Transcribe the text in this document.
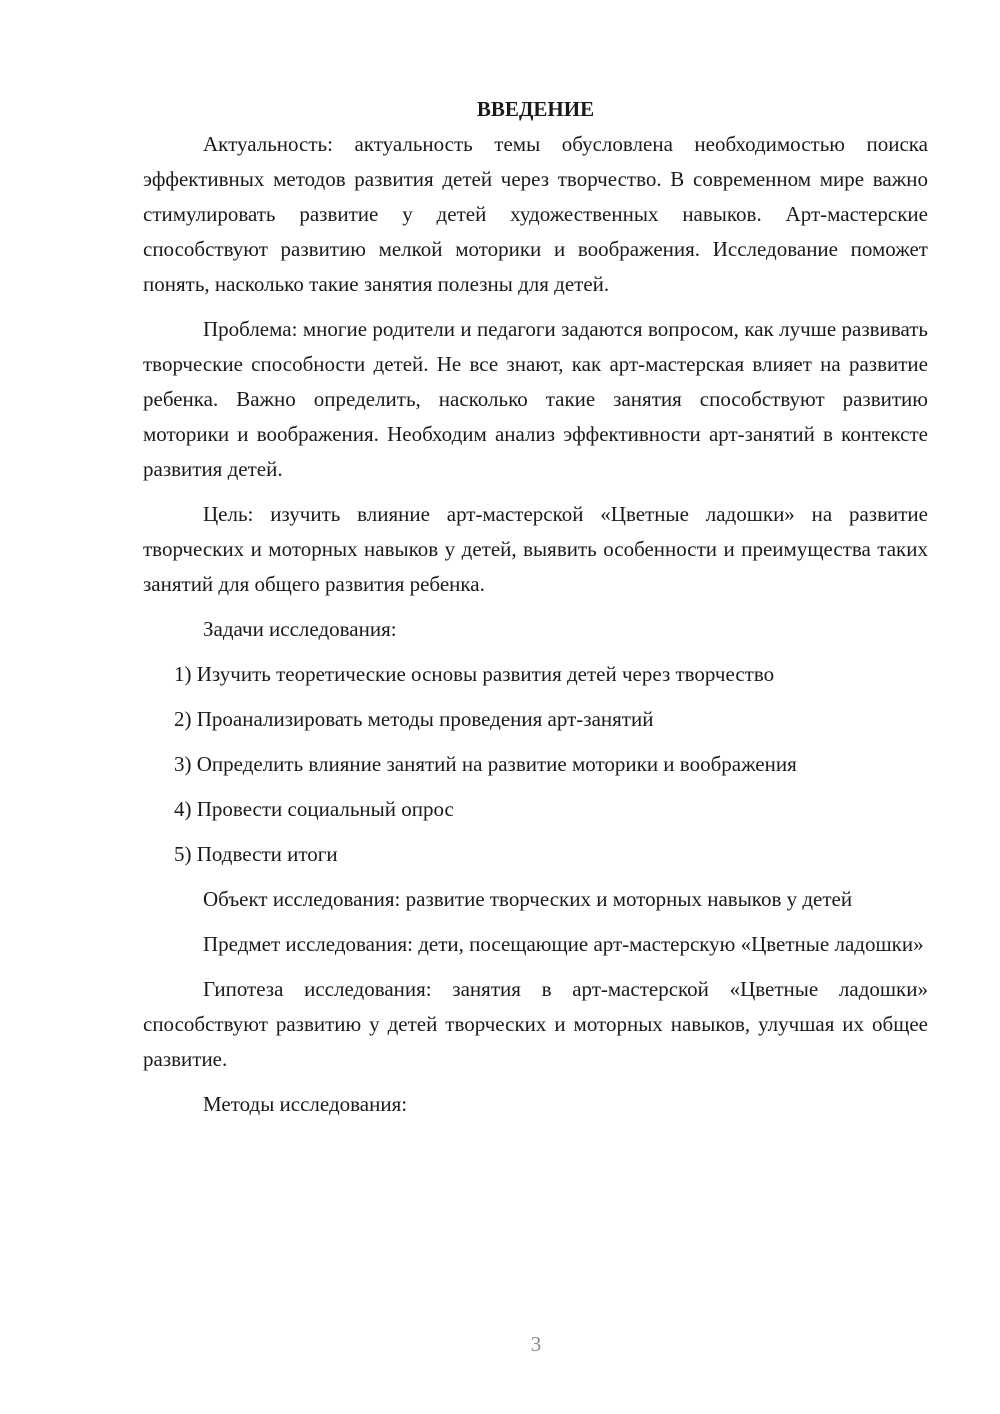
ВВЕДЕНИЕ

Актуальность: актуальность темы обусловлена необходимостью поиска эффективных методов развития детей через творчество. В современном мире важно стимулировать развитие у детей художественных навыков. Арт-мастерские способствуют развитию мелкой моторики и воображения. Исследование поможет понять, насколько такие занятия полезны для детей.

Проблема: многие родители и педагоги задаются вопросом, как лучше развивать творческие способности детей. Не все знают, как арт-мастерская влияет на развитие ребенка. Важно определить, насколько такие занятия способствуют развитию моторики и воображения. Необходим анализ эффективности арт-занятий в контексте развития детей.

Цель: изучить влияние арт-мастерской «Цветные ладошки» на развитие творческих и моторных навыков у детей, выявить особенности и преимущества таких занятий для общего развития ребенка.

Задачи исследования:

1) Изучить теоретические основы развития детей через творчество
2) Проанализировать методы проведения арт-занятий
3) Определить влияние занятий на развитие моторики и воображения
4) Провести социальный опрос
5) Подвести итоги

Объект исследования: развитие творческих и моторных навыков у детей

Предмет исследования: дети, посещающие арт-мастерскую «Цветные ладошки»

Гипотеза исследования: занятия в арт-мастерской «Цветные ладошки» способствуют развитию у детей творческих и моторных навыков, улучшая их общее развитие.

Методы исследования:

3
